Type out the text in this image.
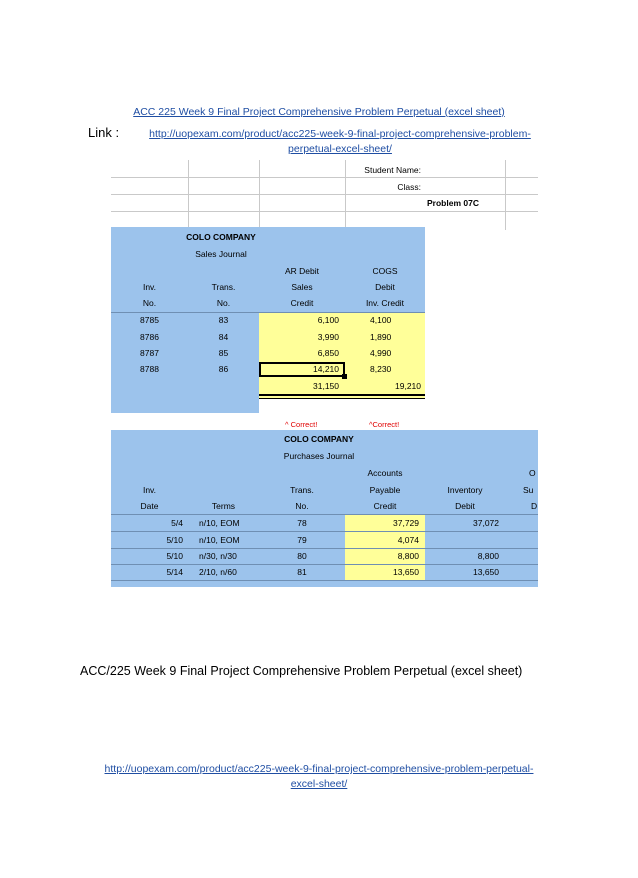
ACC 225 Week 9 Final Project Comprehensive Problem Perpetual (excel sheet)
Link :	http://uopexam.com/product/acc225-week-9-final-project-comprehensive-problem-
perpetual-excel-sheet/
Student Name:
Class:
Problem 07C
COLO COMPANY
Sales Journal
AR Debit	COGS
Inv.	Trans.	Sales	Debit
No.	No.	Credit	Inv. Credit
8785	83	6,100	4,100
8786	84	3,990	1,890
8787	85	6,850	4,990
8788	86	14,210	8,230
31,150	19,210
^ Correct!	^Correct!
COLO COMPANY
Purchases Journal
Accounts	O
Inv.	Trans.	Payable	Inventory	Su
Date	Terms	No.	Credit	Debit	D
5/4 n/10, EOM	78	37,729	37,072
5/10 n/10, EOM	79	4,074
5/10 n/30, n/30	80	8,800	8,800
5/14 2/10, n/60	81	13,650	13,650
ACC/225 Week 9 Final Project Comprehensive Problem Perpetual (excel sheet)
http://uopexam.com/product/acc225-week-9-final-project-comprehensive-problem-perpetual-
excel-sheet/
